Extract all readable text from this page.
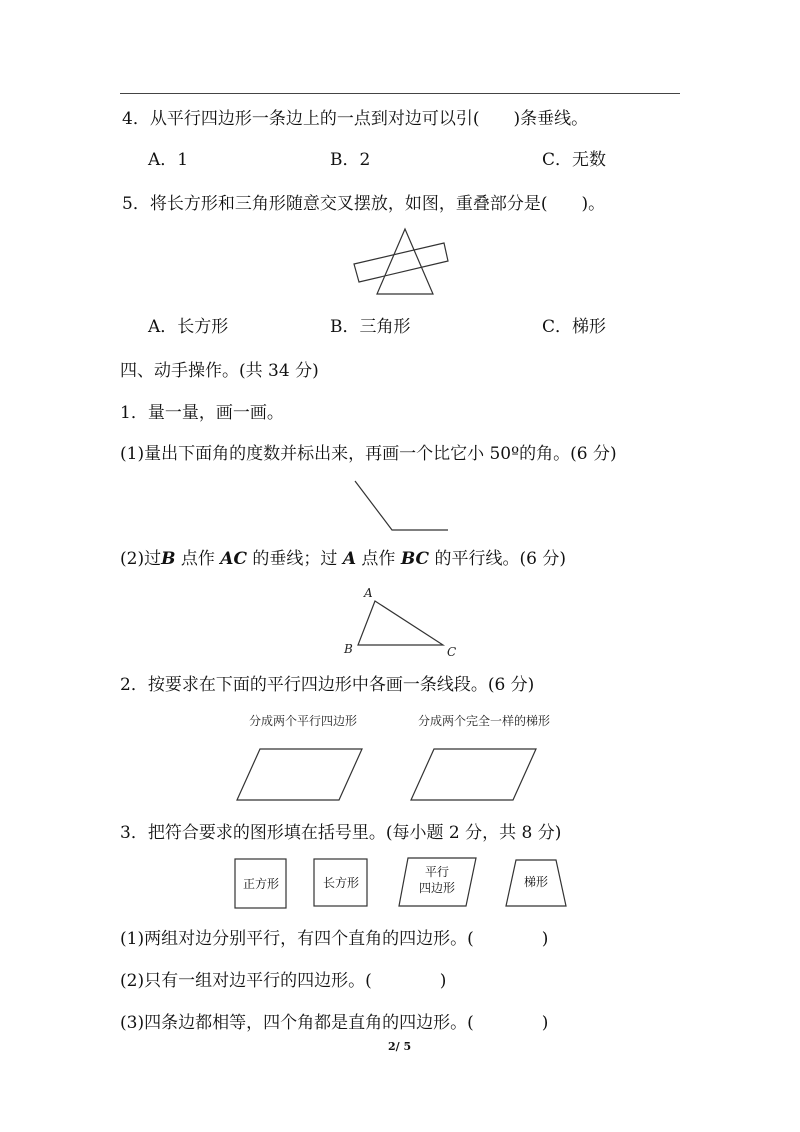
4．从平行四边形一条边上的一点到对边可以引(　　)条垂线。
A．1	B．2	C．无数
5．将长方形和三角形随意交叉摆放，如图，重叠部分是(　　)。
A．长方形	B．三角形	C．梯形
四、动手操作。(共 34 分)
1．量一量，画一画。
(1)量出下面角的度数并标出来，再画一个比它小 50º的角。(6 分)
(2)过B 点作 AC 的垂线；过 A 点作 BC 的平行线。(6 分)
A
B	C
2．按要求在下面的平行四边形中各画一条线段。(6 分)
分成两个平行四边形	分成两个完全一样的梯形
3．把符合要求的图形填在括号里。(每小题 2 分，共 8 分)
正方形	长方形
平行
四边形	梯形
(1)两组对边分别平行，有四个直角的四边形。(　　　　)
(2)只有一组对边平行的四边形。(　　　　)
(3)四条边都相等，四个角都是直角的四边形。(　　　　)
2/ 5
